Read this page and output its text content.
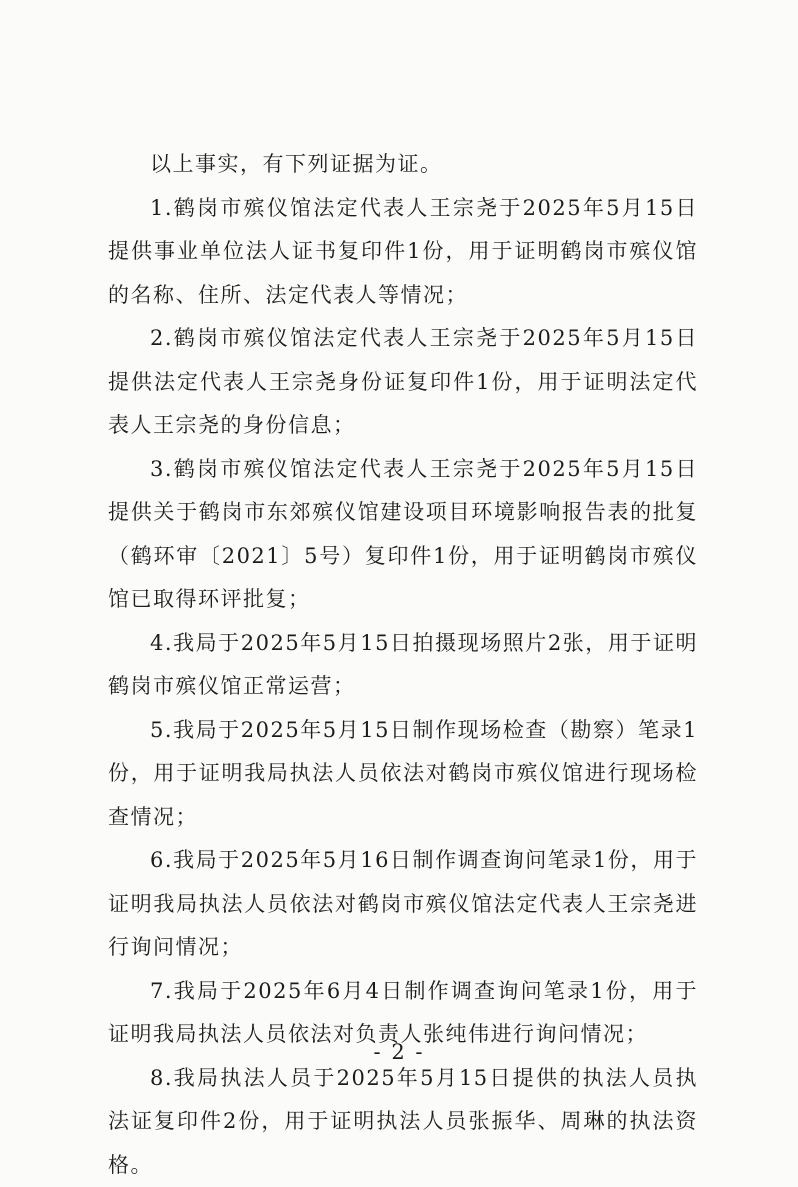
以上事实，有下列证据为证。

1.鹤岗市殡仪馆法定代表人王宗尧于2025年5月15日提供事业单位法人证书复印件1份，用于证明鹤岗市殡仪馆的名称、住所、法定代表人等情况；

2.鹤岗市殡仪馆法定代表人王宗尧于2025年5月15日提供法定代表人王宗尧身份证复印件1份，用于证明法定代表人王宗尧的身份信息；

3.鹤岗市殡仪馆法定代表人王宗尧于2025年5月15日提供关于鹤岗市东郊殡仪馆建设项目环境影响报告表的批复（鹤环审〔2021〕5号）复印件1份，用于证明鹤岗市殡仪馆已取得环评批复；

4.我局于2025年5月15日拍摄现场照片2张，用于证明鹤岗市殡仪馆正常运营；

5.我局于2025年5月15日制作现场检查（勘察）笔录1份，用于证明我局执法人员依法对鹤岗市殡仪馆进行现场检查情况；

6.我局于2025年5月16日制作调查询问笔录1份，用于证明我局执法人员依法对鹤岗市殡仪馆法定代表人王宗尧进行询问情况；

7.我局于2025年6月4日制作调查询问笔录1份，用于证明我局执法人员依法对负责人张纯伟进行询问情况；

8.我局执法人员于2025年5月15日提供的执法人员执法证复印件2份，用于证明执法人员张振华、周琳的执法资格。

- 2 -
